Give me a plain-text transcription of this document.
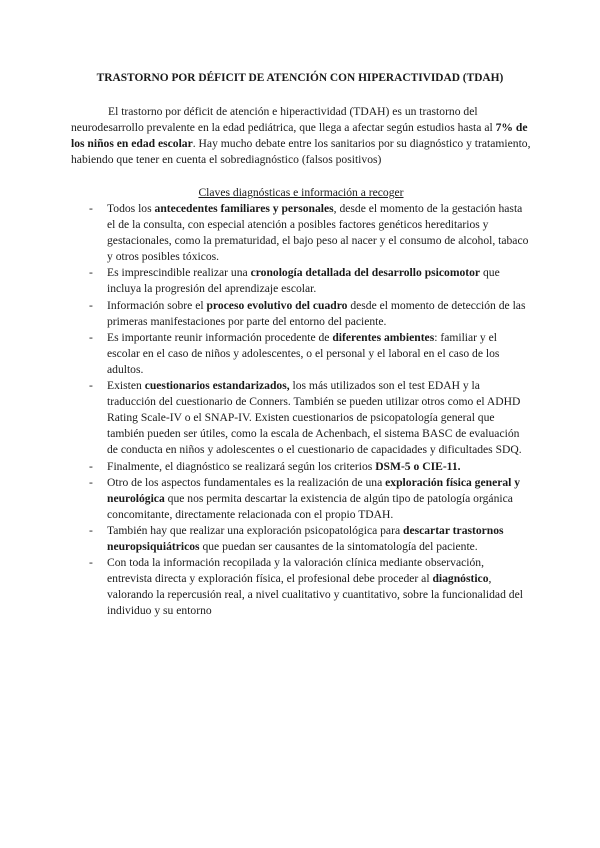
TRASTORNO POR DÉFICIT DE ATENCIÓN CON HIPERACTIVIDAD (TDAH)

El trastorno por déficit de atención e hiperactividad (TDAH) es un trastorno del neurodesarrollo prevalente en la edad pediátrica, que llega a afectar según estudios hasta al 7% de los niños en edad escolar. Hay mucho debate entre los sanitarios por su diagnóstico y tratamiento, habiendo que tener en cuenta el sobrediagnóstico (falsos positivos)

Claves diagnósticas e información a recoger
- Todos los antecedentes familiares y personales, desde el momento de la gestación hasta el de la consulta, con especial atención a posibles factores genéticos hereditarios y gestacionales, como la prematuridad, el bajo peso al nacer y el consumo de alcohol, tabaco y otros posibles tóxicos.
- Es imprescindible realizar una cronología detallada del desarrollo psicomotor que incluya la progresión del aprendizaje escolar.
- Información sobre el proceso evolutivo del cuadro desde el momento de detección de las primeras manifestaciones por parte del entorno del paciente.
- Es importante reunir información procedente de diferentes ambientes: familiar y el escolar en el caso de niños y adolescentes, o el personal y el laboral en el caso de los adultos.
- Existen cuestionarios estandarizados, los más utilizados son el test EDAH y la traducción del cuestionario de Conners. También se pueden utilizar otros como el ADHD Rating Scale-IV o el SNAP-IV. Existen cuestionarios de psicopatología general que también pueden ser útiles, como la escala de Achenbach, el sistema BASC de evaluación de conducta en niños y adolescentes o el cuestionario de capacidades y dificultades SDQ.
- Finalmente, el diagnóstico se realizará según los criterios DSM-5 o CIE-11.
- Otro de los aspectos fundamentales es la realización de una exploración física general y neurológica que nos permita descartar la existencia de algún tipo de patología orgánica concomitante, directamente relacionada con el propio TDAH.
- También hay que realizar una exploración psicopatológica para descartar trastornos neuropsiquiátricos que puedan ser causantes de la sintomatología del paciente.
- Con toda la información recopilada y la valoración clínica mediante observación, entrevista directa y exploración física, el profesional debe proceder al diagnóstico, valorando la repercusión real, a nivel cualitativo y cuantitativo, sobre la funcionalidad del individuo y su entorno
